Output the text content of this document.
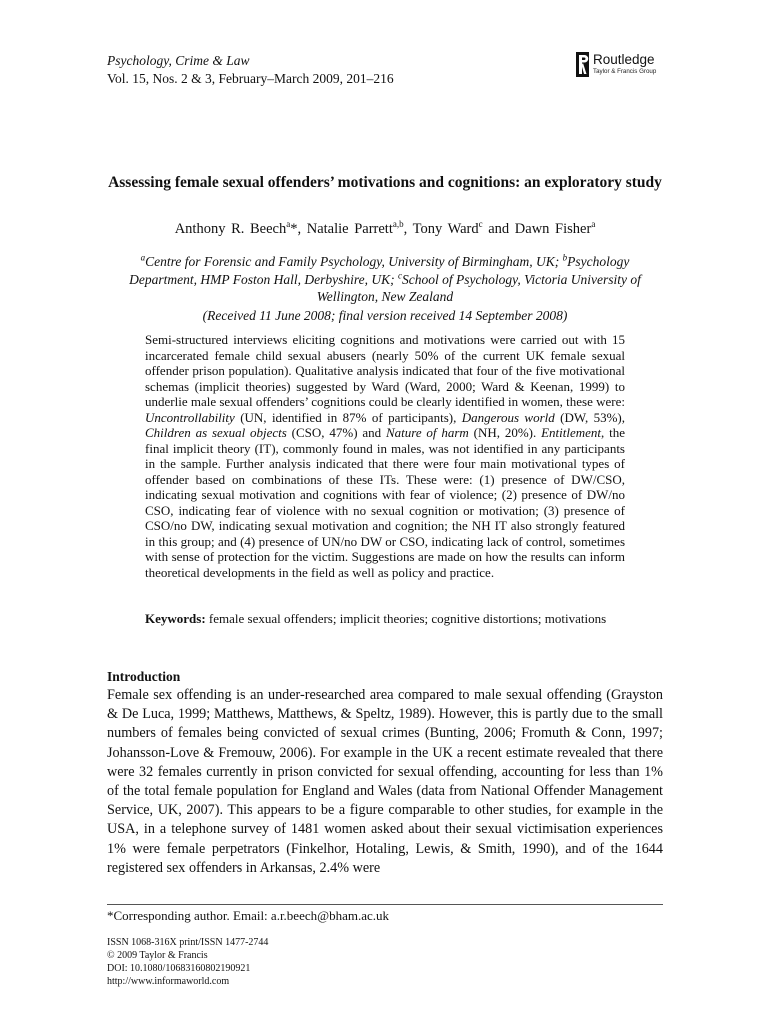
Psychology, Crime & Law
Vol. 15, Nos. 2 & 3, February–March 2009, 201–216
Routledge
Taylor & Francis Group
Assessing female sexual offenders’ motivations and cognitions: an exploratory study
Anthony R. Beech$^a$*, Natalie Parrett$^{a,b}$, Tony Ward$^c$ and Dawn Fisher$^a$
$^a$Centre for Forensic and Family Psychology, University of Birmingham, UK; $^b$Psychology Department, HMP Foston Hall, Derbyshire, UK; $^c$School of Psychology, Victoria University of Wellington, New Zealand
(Received 11 June 2008; final version received 14 September 2008)
Semi-structured interviews eliciting cognitions and motivations were carried out with 15 incarcerated female child sexual abusers (nearly 50% of the current UK female sexual offender prison population). Qualitative analysis indicated that four of the five motivational schemas (implicit theories) suggested by Ward (Ward, 2000; Ward & Keenan, 1999) to underlie male sexual offenders’ cognitions could be clearly identified in women, these were: Uncontrollability (UN, identified in 87% of participants), Dangerous world (DW, 53%), Children as sexual objects (CSO, 47%) and Nature of harm (NH, 20%). Entitlement, the final implicit theory (IT), commonly found in males, was not identified in any participants in the sample. Further analysis indicated that there were four main motivational types of offender based on combinations of these ITs. These were: (1) presence of DW/CSO, indicating sexual motivation and cognitions with fear of violence; (2) presence of DW/no CSO, indicating fear of violence with no sexual cognition or motivation; (3) presence of CSO/no DW, indicating sexual motivation and cognition; the NH IT also strongly featured in this group; and (4) presence of UN/no DW or CSO, indicating lack of control, sometimes with sense of protection for the victim. Suggestions are made on how the results can inform theoretical developments in the field as well as policy and practice.
Keywords: female sexual offenders; implicit theories; cognitive distortions; motivations
Introduction
Female sex offending is an under-researched area compared to male sexual offending (Grayston & De Luca, 1999; Matthews, Matthews, & Speltz, 1989). However, this is partly due to the small numbers of females being convicted of sexual crimes (Bunting, 2006; Fromuth & Conn, 1997; Johansson-Love & Fremouw, 2006). For example in the UK a recent estimate revealed that there were 32 females currently in prison convicted for sexual offending, accounting for less than 1% of the total female population for England and Wales (data from National Offender Management Service, UK, 2007). This appears to be a figure comparable to other studies, for example in the USA, in a telephone survey of 1481 women asked about their sexual victimisation experiences 1% were female perpetrators (Finkelhor, Hotaling, Lewis, & Smith, 1990), and of the 1644 registered sex offenders in Arkansas, 2.4% were
*Corresponding author. Email: a.r.beech@bham.ac.uk
ISSN 1068-316X print/ISSN 1477-2744
© 2009 Taylor & Francis
DOI: 10.1080/10683160802190921
http://www.informaworld.com
